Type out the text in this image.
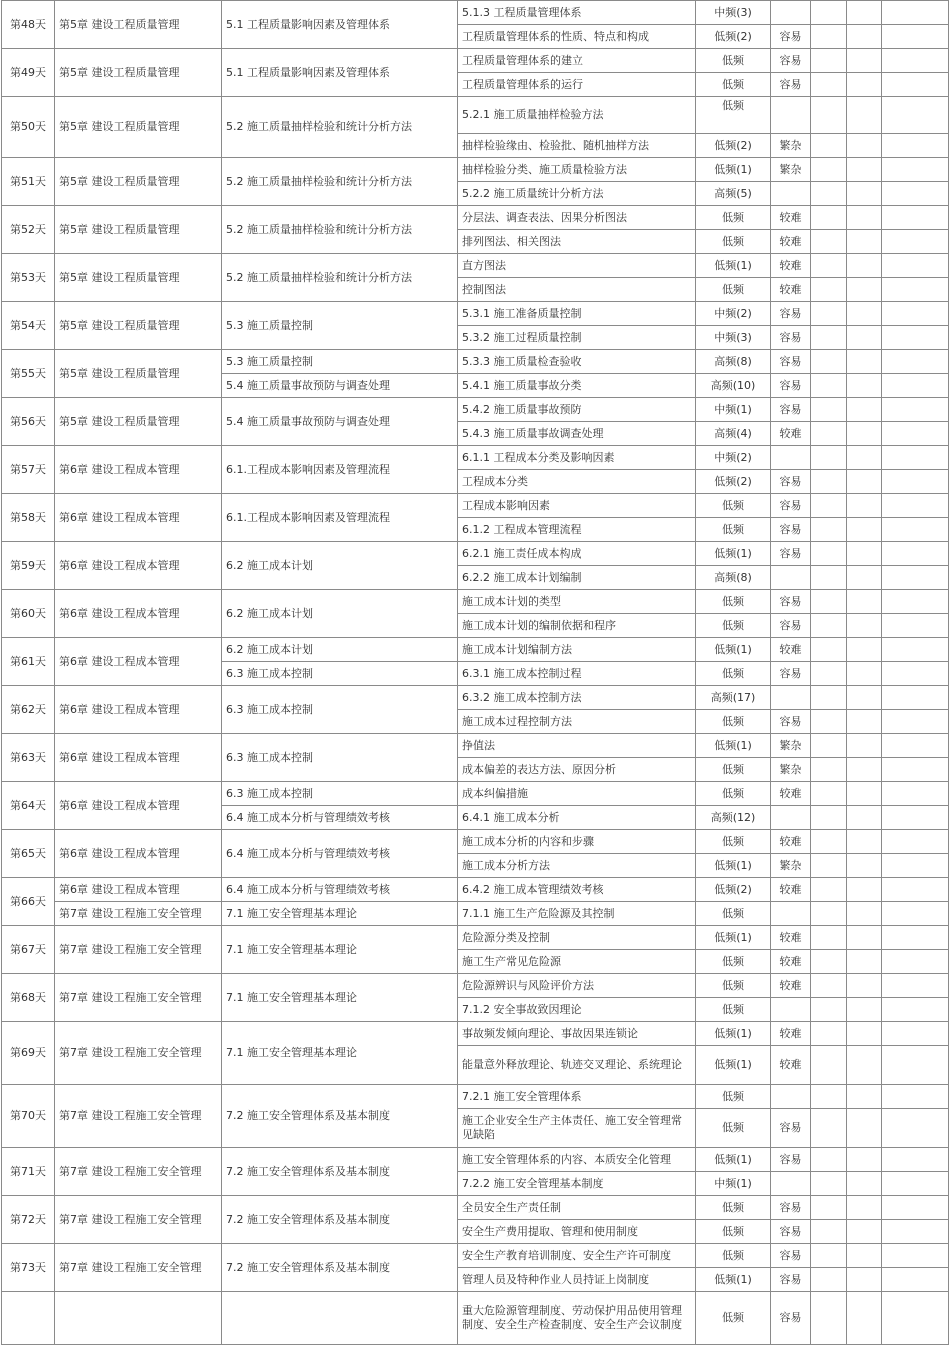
第48天	第5章 建设工程质量管理	5.1 工程质量影响因素及管理体系	5.1.3 工程质量管理体系	中频(3)				
			工程质量管理体系的性质、特点和构成	低频(2)	容易			
第49天	第5章 建设工程质量管理	5.1 工程质量影响因素及管理体系	工程质量管理体系的建立	低频	容易			
			工程质量管理体系的运行	低频	容易			
第50天	第5章 建设工程质量管理	5.2 施工质量抽样检验和统计分析方法	5.2.1 施工质量抽样检验方法	低频				
			抽样检验缘由、检验批、随机抽样方法	低频(2)	繁杂			
第51天	第5章 建设工程质量管理	5.2 施工质量抽样检验和统计分析方法	抽样检验分类、施工质量检验方法	低频(1)	繁杂			
			5.2.2 施工质量统计分析方法	高频(5)				
第52天	第5章 建设工程质量管理	5.2 施工质量抽样检验和统计分析方法	分层法、调查表法、因果分析图法	低频	较难			
			排列图法、相关图法	低频	较难			
第53天	第5章 建设工程质量管理	5.2 施工质量抽样检验和统计分析方法	直方图法	低频(1)	较难			
			控制图法	低频	较难			
第54天	第5章 建设工程质量管理	5.3 施工质量控制	5.3.1 施工准备质量控制	中频(2)	容易			
			5.3.2 施工过程质量控制	中频(3)	容易			
第55天	第5章 建设工程质量管理	5.3 施工质量控制	5.3.3 施工质量检查验收	高频(8)	容易			
		5.4 施工质量事故预防与调查处理	5.4.1 施工质量事故分类	高频(10)	容易			
第56天	第5章 建设工程质量管理	5.4 施工质量事故预防与调查处理	5.4.2 施工质量事故预防	中频(1)	容易			
			5.4.3 施工质量事故调查处理	高频(4)	较难			
第57天	第6章 建设工程成本管理	6.1.工程成本影响因素及管理流程	6.1.1 工程成本分类及影响因素	中频(2)				
			工程成本分类	低频(2)	容易			
第58天	第6章 建设工程成本管理	6.1.工程成本影响因素及管理流程	工程成本影响因素	低频	容易			
			6.1.2 工程成本管理流程	低频	容易			
第59天	第6章 建设工程成本管理	6.2 施工成本计划	6.2.1 施工责任成本构成	低频(1)	容易			
			6.2.2 施工成本计划编制	高频(8)				
第60天	第6章 建设工程成本管理	6.2 施工成本计划	施工成本计划的类型	低频	容易			
			施工成本计划的编制依据和程序	低频	容易			
第61天	第6章 建设工程成本管理	6.2 施工成本计划	施工成本计划编制方法	低频(1)	较难			
		6.3 施工成本控制	6.3.1 施工成本控制过程	低频	容易			
第62天	第6章 建设工程成本管理	6.3 施工成本控制	6.3.2 施工成本控制方法	高频(17)				
			施工成本过程控制方法	低频	容易			
第63天	第6章 建设工程成本管理	6.3 施工成本控制	挣值法	低频(1)	繁杂			
			成本偏差的表达方法、原因分析	低频	繁杂			
第64天	第6章 建设工程成本管理	6.3 施工成本控制	成本纠偏措施	低频	较难			
		6.4 施工成本分析与管理绩效考核	6.4.1 施工成本分析	高频(12)				
第65天	第6章 建设工程成本管理	6.4 施工成本分析与管理绩效考核	施工成本分析的内容和步骤	低频	较难			
			施工成本分析方法	低频(1)	繁杂			
第66天	第6章 建设工程成本管理	6.4 施工成本分析与管理绩效考核	6.4.2 施工成本管理绩效考核	低频(2)	较难			
	第7章 建设工程施工安全管理	7.1 施工安全管理基本理论	7.1.1 施工生产危险源及其控制	低频				
第67天	第7章 建设工程施工安全管理	7.1 施工安全管理基本理论	危险源分类及控制	低频(1)	较难			
			施工生产常见危险源	低频	较难			
第68天	第7章 建设工程施工安全管理	7.1 施工安全管理基本理论	危险源辨识与风险评价方法	低频	较难			
			7.1.2 安全事故致因理论	低频				
第69天	第7章 建设工程施工安全管理	7.1 施工安全管理基本理论	事故频发倾向理论、事故因果连锁论	低频(1)	较难			
			能量意外释放理论、轨迹交叉理论、系统理论	低频(1)	较难			
第70天	第7章 建设工程施工安全管理	7.2 施工安全管理体系及基本制度	7.2.1 施工安全管理体系	低频				
			施工企业安全生产主体责任、施工安全管理常见缺陷	低频	容易			
第71天	第7章 建设工程施工安全管理	7.2 施工安全管理体系及基本制度	施工安全管理体系的内容、本质安全化管理	低频(1)	容易			
			7.2.2 施工安全管理基本制度	中频(1)				
第72天	第7章 建设工程施工安全管理	7.2 施工安全管理体系及基本制度	全员安全生产责任制	低频	容易			
			安全生产费用提取、管理和使用制度	低频	容易			
第73天	第7章 建设工程施工安全管理	7.2 施工安全管理体系及基本制度	安全生产教育培训制度、安全生产许可制度	低频	容易			
			管理人员及特种作业人员持证上岗制度	低频(1)	容易			
			重大危险源管理制度、劳动保护用品使用管理制度、安全生产检查制度、安全生产会议制度	低频	容易			
